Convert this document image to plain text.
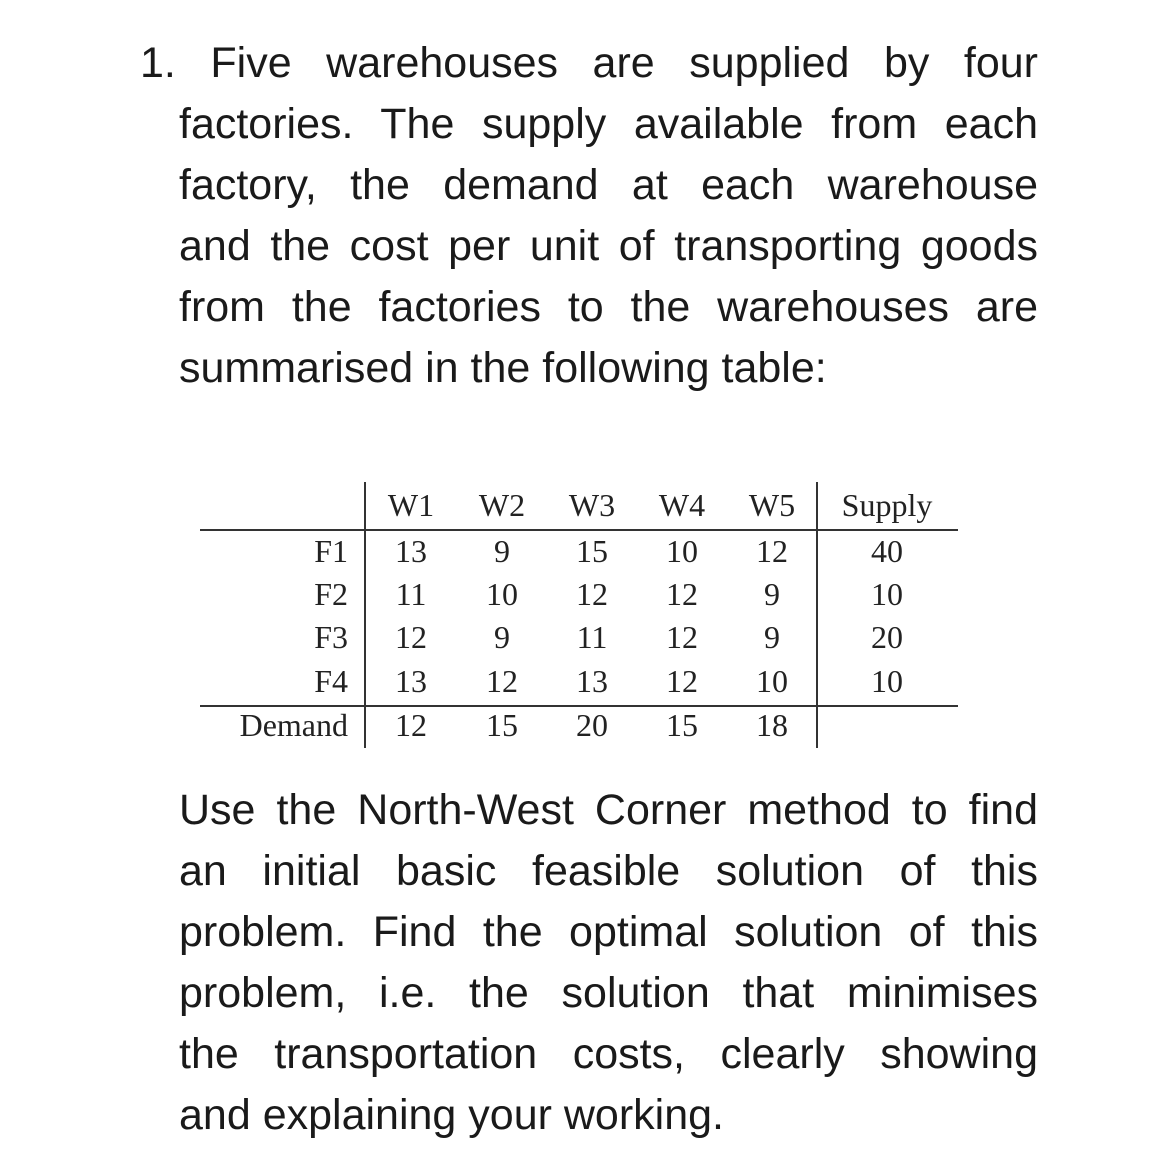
1. Five warehouses are supplied by four
factories. The supply available from each
factory, the demand at each warehouse
and the cost per unit of transporting goods
from the factories to the warehouses are
summarised in the following table:
W1 W2 W3 W4 W5 Supply
F1 13 9 15 10 12	40
F2 11 10 12 12 9	10
F3 12 9 11 12 9	20
F4 13 12 13 12 10	10
Demand 12 15 20 15 18
Use the North-West Corner method to find
an initial basic feasible solution of this
problem. Find the optimal solution of this
problem, i.e. the solution that minimises
the transportation costs, clearly showing
and explaining your working.
